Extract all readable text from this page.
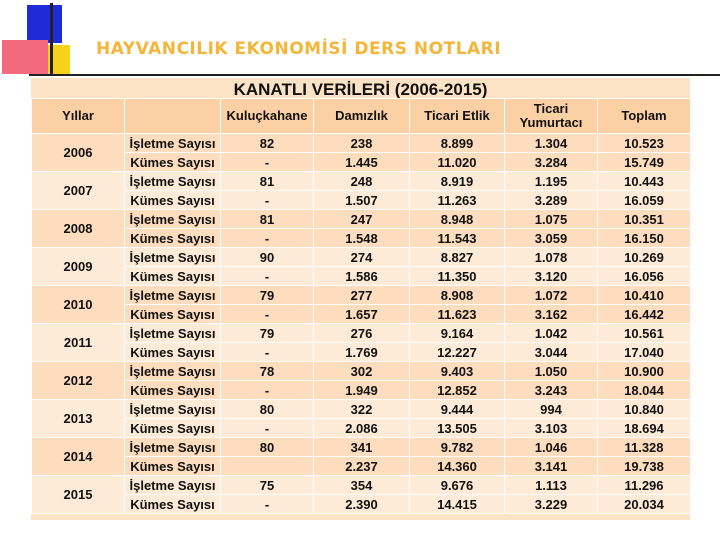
HAYVANCILIK EKONOMİSİ DERS NOTLARI
KANATLI VERİLERİ (2006-2015)
Yıllar		Kuluçkahane	Damızlık	Ticari Etlik	Ticari Yumurtacı	Toplam
2006	İşletme Sayısı	82	238	8.899	1.304	10.523
	Kümes Sayısı	-	1.445	11.020	3.284	15.749
2007	İşletme Sayısı	81	248	8.919	1.195	10.443
	Kümes Sayısı	-	1.507	11.263	3.289	16.059
2008	İşletme Sayısı	81	247	8.948	1.075	10.351
	Kümes Sayısı	-	1.548	11.543	3.059	16.150
2009	İşletme Sayısı	90	274	8.827	1.078	10.269
	Kümes Sayısı	-	1.586	11.350	3.120	16.056
2010	İşletme Sayısı	79	277	8.908	1.072	10.410
	Kümes Sayısı	-	1.657	11.623	3.162	16.442
2011	İşletme Sayısı	79	276	9.164	1.042	10.561
	Kümes Sayısı	-	1.769	12.227	3.044	17.040
2012	İşletme Sayısı	78	302	9.403	1.050	10.900
	Kümes Sayısı	-	1.949	12.852	3.243	18.044
2013	İşletme Sayısı	80	322	9.444	994	10.840
	Kümes Sayısı	-	2.086	13.505	3.103	18.694
2014	İşletme Sayısı	80	341	9.782	1.046	11.328
	Kümes Sayısı		2.237	14.360	3.141	19.738
2015	İşletme Sayısı	75	354	9.676	1.113	11.296
	Kümes Sayısı	-	2.390	14.415	3.229	20.034
